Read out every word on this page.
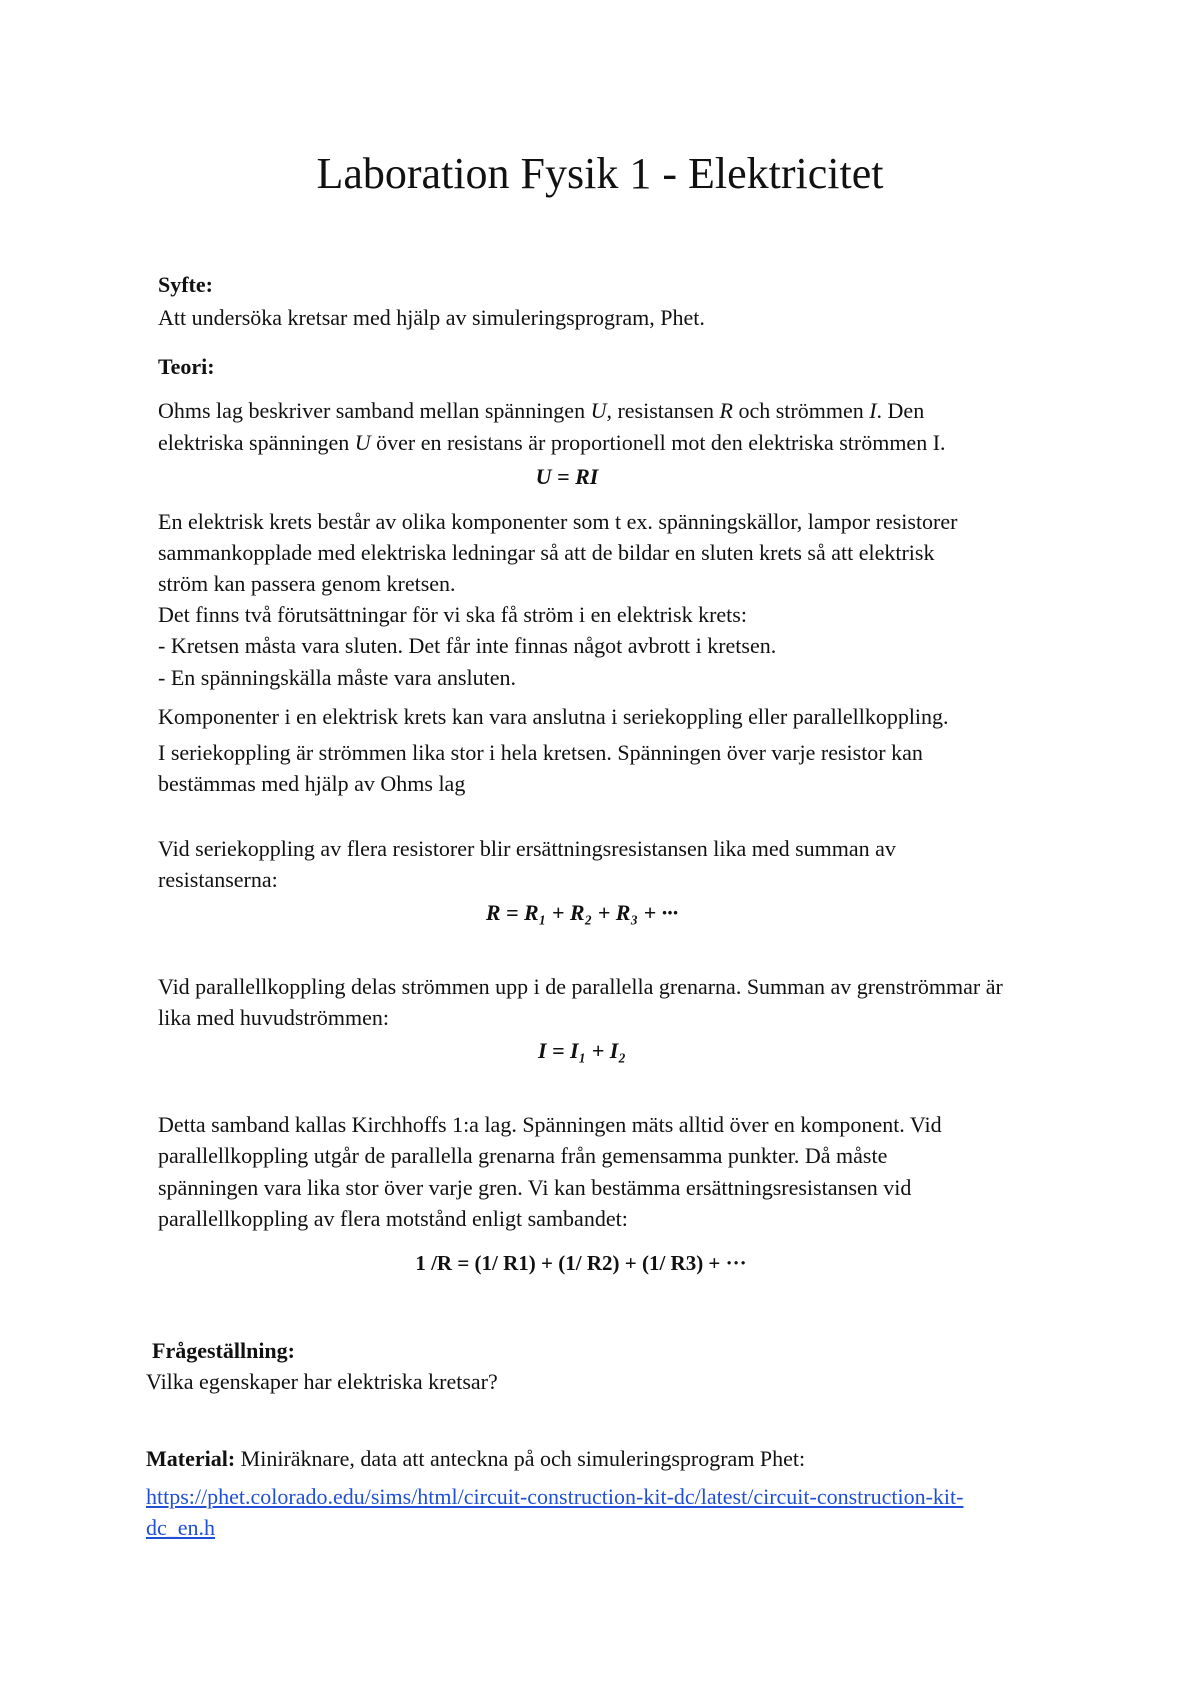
Laboration Fysik 1 - Elektricitet
Syfte:
Att undersöka kretsar med hjälp av simuleringsprogram, Phet.
Teori:
Ohms lag beskriver samband mellan spänningen U, resistansen R och strömmen I. Den
elektriska spänningen U över en resistans är proportionell mot den elektriska strömmen I.
U = RI
En elektrisk krets består av olika komponenter som t ex. spänningskällor, lampor resistorer
sammankopplade med elektriska ledningar så att de bildar en sluten krets så att elektrisk
ström kan passera genom kretsen.
Det finns två förutsättningar för vi ska få ström i en elektrisk krets:
- Kretsen måsta vara sluten. Det får inte finnas något avbrott i kretsen.
- En spänningskälla måste vara ansluten.
Komponenter i en elektrisk krets kan vara anslutna i seriekoppling eller parallellkoppling.
I seriekoppling är strömmen lika stor i hela kretsen. Spänningen över varje resistor kan
bestämmas med hjälp av Ohms lag
Vid seriekoppling av flera resistorer blir ersättningsresistansen lika med summan av
resistanserna:
R = R₁ + R₂ + R₃ + ···
Vid parallellkoppling delas strömmen upp i de parallella grenarna. Summan av grenströmmar är
lika med huvudströmmen:
I = I₁ + I₂
Detta samband kallas Kirchhoffs 1:a lag. Spänningen mäts alltid över en komponent. Vid
parallellkoppling utgår de parallella grenarna från gemensamma punkter. Då måste
spänningen vara lika stor över varje gren. Vi kan bestämma ersättningsresistansen vid
parallellkoppling av flera motstånd enligt sambandet:
1 /R = (1/ R1) + (1/ R2) + (1/ R3) + ···
Frågeställning:
Vilka egenskaper har elektriska kretsar?
Material: Miniräknare, data att anteckna på och simuleringsprogram Phet:
https://phet.colorado.edu/sims/html/circuit-construction-kit-dc/latest/circuit-construction-kit-
dc_en.h
